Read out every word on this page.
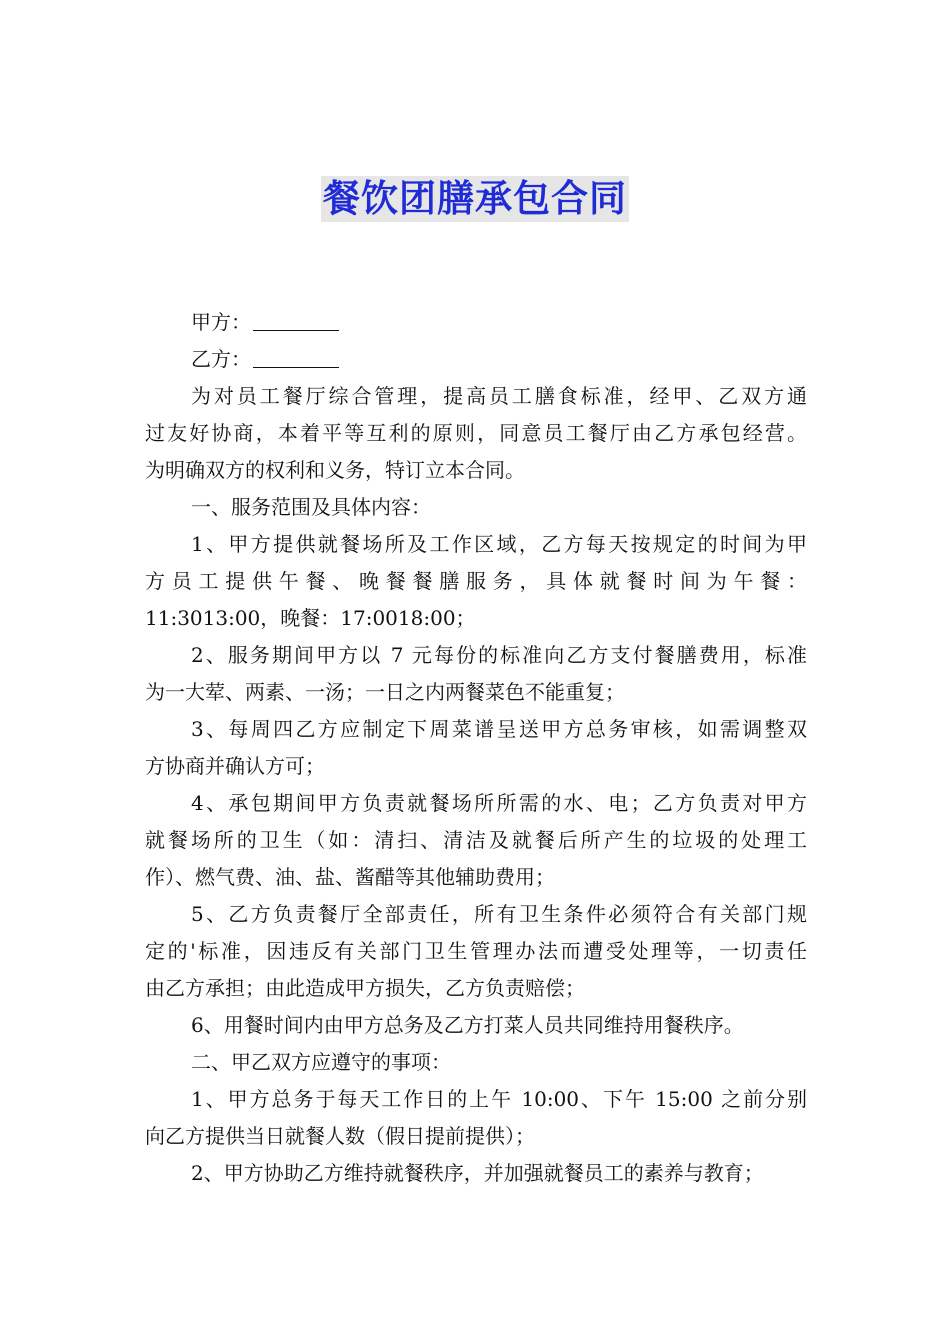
餐饮团膳承包合同
甲方：
乙方：
为对员工餐厅综合管理，提高员工膳食标准，经甲、乙双方通
过友好协商，本着平等互利的原则，同意员工餐厅由乙方承包经营。
为明确双方的权利和义务，特订立本合同。
一、服务范围及具体内容：
1、甲方提供就餐场所及工作区域，乙方每天按规定的时间为甲
方员工提供午餐、晚餐餐膳服务，具体就餐时间为午餐：
11:3013:00，晚餐：17:0018:00；
2、服务期间甲方以 7 元每份的标准向乙方支付餐膳费用，标准
为一大荤、两素、一汤；一日之内两餐菜色不能重复；
3、每周四乙方应制定下周菜谱呈送甲方总务审核，如需调整双
方协商并确认方可；
4、承包期间甲方负责就餐场所所需的水、电；乙方负责对甲方
就餐场所的卫生（如：清扫、清洁及就餐后所产生的垃圾的处理工
作）、燃气费、油、盐、酱醋等其他辅助费用；
5、乙方负责餐厅全部责任，所有卫生条件必须符合有关部门规
定的'标准，因违反有关部门卫生管理办法而遭受处理等，一切责任
由乙方承担；由此造成甲方损失，乙方负责赔偿；
6、用餐时间内由甲方总务及乙方打菜人员共同维持用餐秩序。
二、甲乙双方应遵守的事项：
1、甲方总务于每天工作日的上午 10:00、下午 15:00 之前分别
向乙方提供当日就餐人数（假日提前提供）；
2、甲方协助乙方维持就餐秩序，并加强就餐员工的素养与教育；
